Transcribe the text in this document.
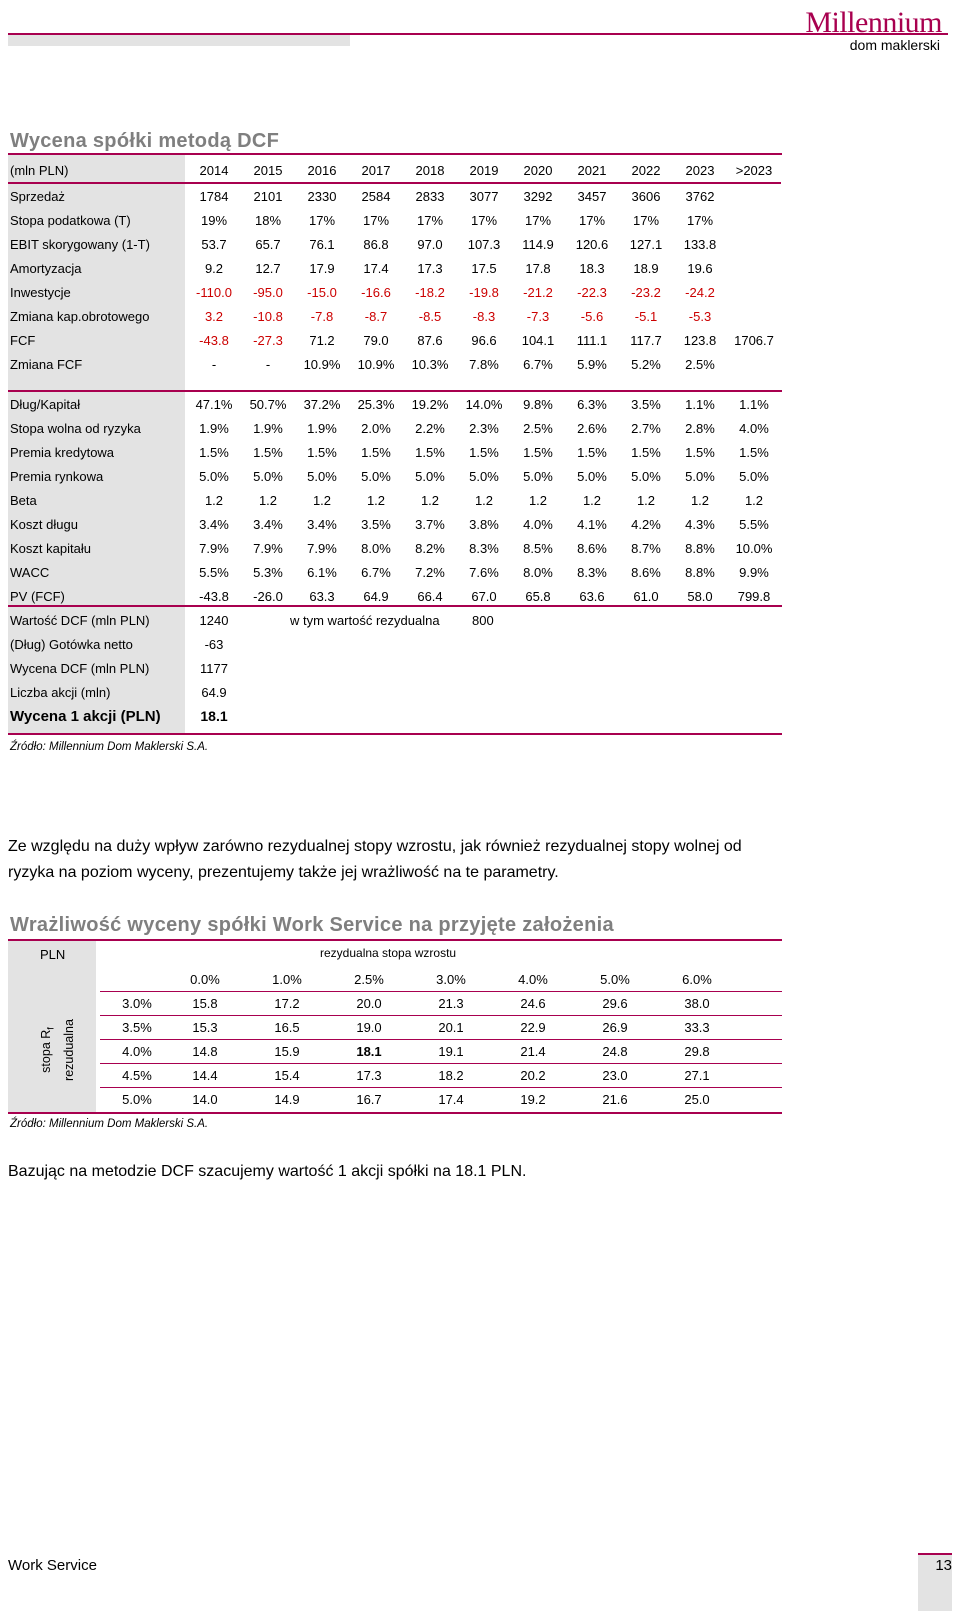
Millennium
dom maklerski
Wycena spółki metodą DCF
(mln PLN)	2014	2015	2016	2017	2018	2019	2020	2021	2022	2023	>2023
Sprzedaż	1784	2101	2330	2584	2833	3077	3292	3457	3606	3762	
Stopa podatkowa (T)	19%	18%	17%	17%	17%	17%	17%	17%	17%	17%	
EBIT skorygowany (1-T)	53.7	65.7	76.1	86.8	97.0	107.3	114.9	120.6	127.1	133.8	
Amortyzacja	9.2	12.7	17.9	17.4	17.3	17.5	17.8	18.3	18.9	19.6	
Inwestycje	-110.0	-95.0	-15.0	-16.6	-18.2	-19.8	-21.2	-22.3	-23.2	-24.2	
Zmiana kap.obrotowego	3.2	-10.8	-7.8	-8.7	-8.5	-8.3	-7.3	-5.6	-5.1	-5.3	
FCF	-43.8	-27.3	71.2	79.0	87.6	96.6	104.1	111.1	117.7	123.8	1706.7
Zmiana FCF	-	-	10.9%	10.9%	10.3%	7.8%	6.7%	5.9%	5.2%	2.5%	
Dług/Kapitał	47.1%	50.7%	37.2%	25.3%	19.2%	14.0%	9.8%	6.3%	3.5%	1.1%	1.1%
Stopa wolna od ryzyka	1.9%	1.9%	1.9%	2.0%	2.2%	2.3%	2.5%	2.6%	2.7%	2.8%	4.0%
Premia kredytowa	1.5%	1.5%	1.5%	1.5%	1.5%	1.5%	1.5%	1.5%	1.5%	1.5%	1.5%
Premia rynkowa	5.0%	5.0%	5.0%	5.0%	5.0%	5.0%	5.0%	5.0%	5.0%	5.0%	5.0%
Beta	1.2	1.2	1.2	1.2	1.2	1.2	1.2	1.2	1.2	1.2	1.2
Koszt długu	3.4%	3.4%	3.4%	3.5%	3.7%	3.8%	4.0%	4.1%	4.2%	4.3%	5.5%
Koszt kapitału	7.9%	7.9%	7.9%	8.0%	8.2%	8.3%	8.5%	8.6%	8.7%	8.8%	10.0%
WACC	5.5%	5.3%	6.1%	6.7%	7.2%	7.6%	8.0%	8.3%	8.6%	8.8%	9.9%
PV (FCF)	-43.8	-26.0	63.3	64.9	66.4	67.0	65.8	63.6	61.0	58.0	799.8
Wartość DCF (mln PLN)	1240
(Dług) Gotówka netto	-63
Wycena DCF (mln PLN)	1177
Liczba akcji (mln)	64.9
Wycena 1 akcji (PLN)	18.1
w tym wartość rezydualna 800
Źródło: Millennium Dom Maklerski S.A.
Ze względu na duży wpływ zarówno rezydualnej stopy wzrostu, jak również rezydualnej stopy wolnej od ryzyka na poziom wyceny, prezentujemy także jej wrażliwość na te parametry.
Wrażliwość wyceny spółki Work Service na przyjęte założenia
PLN	rezydualna stopa wzrostu
stopa $R_f$ rezudualna
	0.0%	1.0%	2.5%	3.0%	4.0%	5.0%	6.0%
3.0%	15.8	17.2	20.0	21.3	24.6	29.6	38.0
3.5%	15.3	16.5	19.0	20.1	22.9	26.9	33.3
4.0%	14.8	15.9	18.1	19.1	21.4	24.8	29.8
4.5%	14.4	15.4	17.3	18.2	20.2	23.0	27.1
5.0%	14.0	14.9	16.7	17.4	19.2	21.6	25.0
Źródło: Millennium Dom Maklerski S.A.
Bazując na metodzie DCF szacujemy wartość 1 akcji spółki na 18.1 PLN.
Work Service	13
